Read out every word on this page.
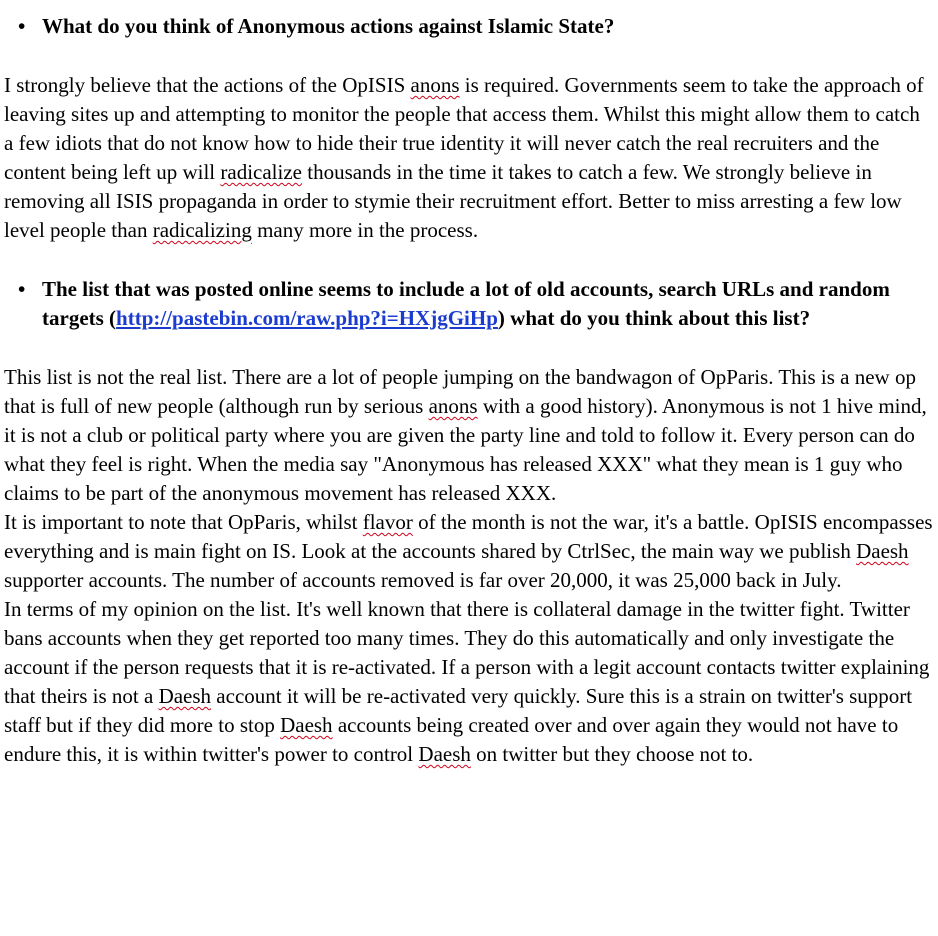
• What do you think of Anonymous actions against Islamic State?

I strongly believe that the actions of the OpISIS anons is required. Governments seem to take the approach of leaving sites up and attempting to monitor the people that access them. Whilst this might allow them to catch a few idiots that do not know how to hide their true identity it will never catch the real recruiters and the content being left up will radicalize thousands in the time it takes to catch a few. We strongly believe in removing all ISIS propaganda in order to stymie their recruitment effort. Better to miss arresting a few low level people than radicalizing many more in the process.

• The list that was posted online seems to include a lot of old accounts, search URLs and random targets (http://pastebin.com/raw.php?i=HXjgGiHp) what do you think about this list?

This list is not the real list. There are a lot of people jumping on the bandwagon of OpParis. This is a new op that is full of new people (although run by serious anons with a good history). Anonymous is not 1 hive mind, it is not a club or political party where you are given the party line and told to follow it. Every person can do what they feel is right. When the media say "Anonymous has released XXX" what they mean is 1 guy who claims to be part of the anonymous movement has released XXX.

It is important to note that OpParis, whilst flavor of the month is not the war, it's a battle. OpISIS encompasses everything and is main fight on IS. Look at the accounts shared by CtrlSec, the main way we publish Daesh supporter accounts. The number of accounts removed is far over 20,000, it was 25,000 back in July.

In terms of my opinion on the list. It's well known that there is collateral damage in the twitter fight. Twitter bans accounts when they get reported too many times. They do this automatically and only investigate the account if the person requests that it is re-activated. If a person with a legit account contacts twitter explaining that theirs is not a Daesh account it will be re-activated very quickly. Sure this is a strain on twitter's support staff but if they did more to stop Daesh accounts being created over and over again they would not have to endure this, it is within twitter's power to control Daesh on twitter but they choose not to.
